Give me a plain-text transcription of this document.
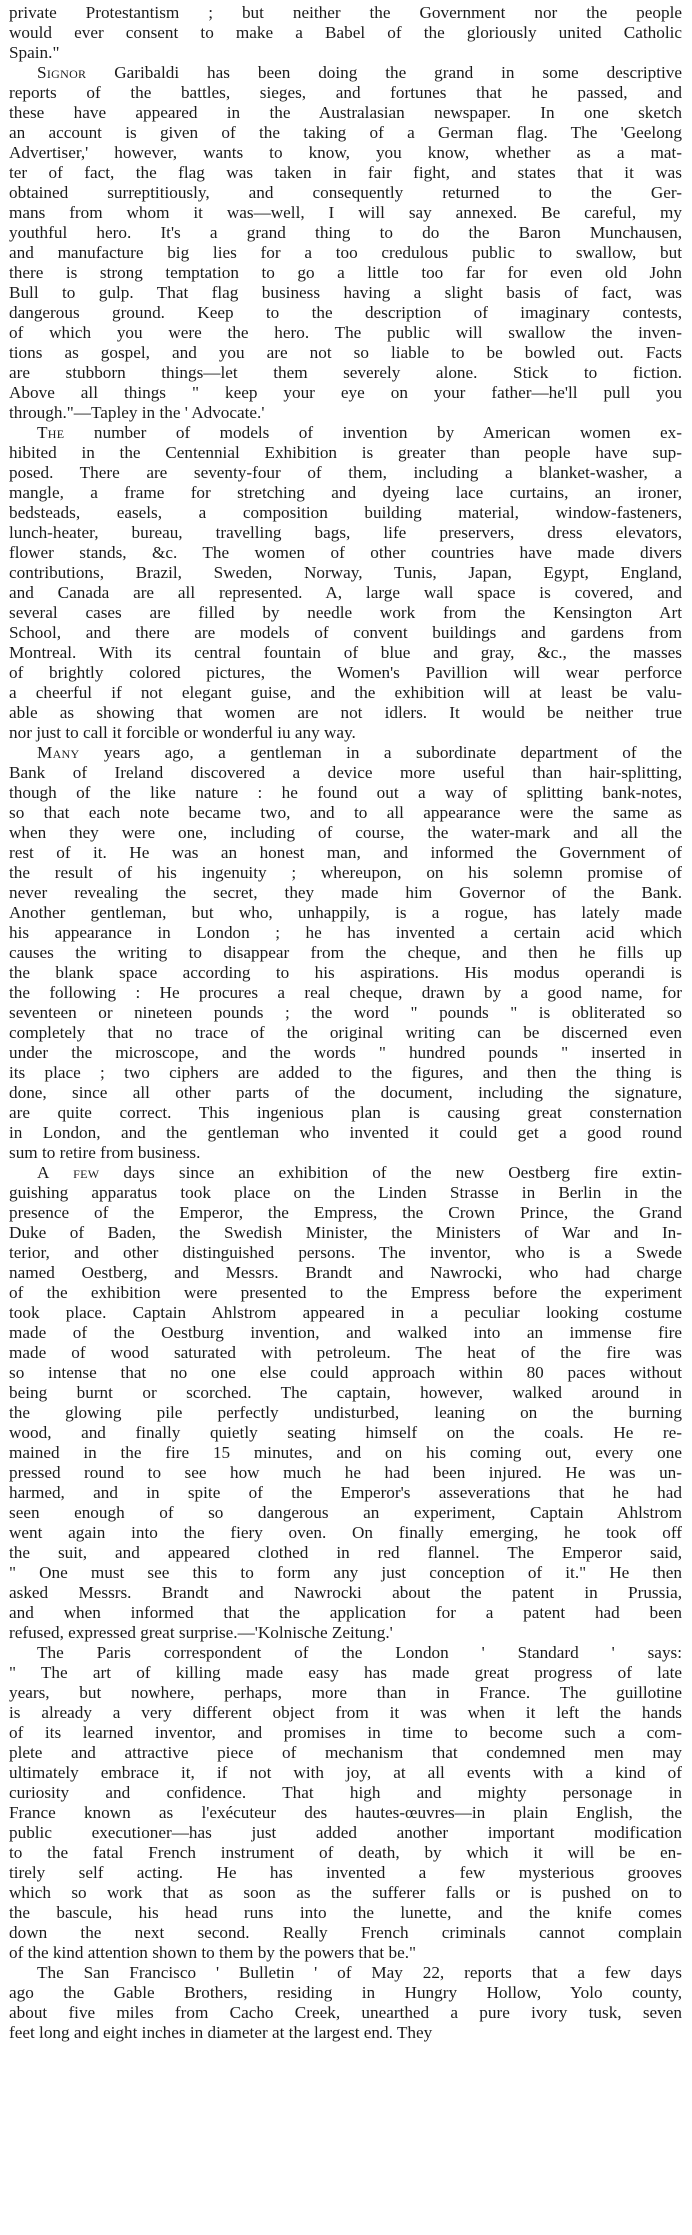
private Protestantism ; but neither the Government nor the people
would ever consent to make a Babel of the gloriously united Catholic
Spain."
Signor Garibaldi has been doing the grand in some descriptive
reports of the battles, sieges, and fortunes that he passed, and
these have appeared in the Australasian newspaper. In one sketch
an account is given of the taking of a German flag. The 'Geelong
Advertiser,' however, wants to know, you know, whether as a mat-
ter of fact, the flag was taken in fair fight, and states that it was
obtained surreptitiously, and consequently returned to the Ger-
mans from whom it was—well, I will say annexed. Be careful, my
youthful hero. It's a grand thing to do the Baron Munchausen,
and manufacture big lies for a too credulous public to swallow, but
there is strong temptation to go a little too far for even old John
Bull to gulp. That flag business having a slight basis of fact, was
dangerous ground. Keep to the description of imaginary contests,
of which you were the hero. The public will swallow the inven-
tions as gospel, and you are not so liable to be bowled out. Facts
are stubborn things—let them severely alone. Stick to fiction.
Above all things " keep your eye on your father—he'll pull you
through."—Tapley in the ' Advocate.'
The number of models of invention by American women ex-
hibited in the Centennial Exhibition is greater than people have sup-
posed. There are seventy-four of them, including a blanket-washer, a
mangle, a frame for stretching and dyeing lace curtains, an ironer,
bedsteads, easels, a composition building material, window-fasteners,
lunch-heater, bureau, travelling bags, life preservers, dress elevators,
flower stands, &c. The women of other countries have made divers
contributions, Brazil, Sweden, Norway, Tunis, Japan, Egypt, England,
and Canada are all represented. A, large wall space is covered, and
several cases are filled by needle work from the Kensington Art
School, and there are models of convent buildings and gardens from
Montreal. With its central fountain of blue and gray, &c., the masses
of brightly colored pictures, the Women's Pavillion will wear perforce
a cheerful if not elegant guise, and the exhibition will at least be valu-
able as showing that women are not idlers. It would be neither true
nor just to call it forcible or wonderful iu any way.
Many years ago, a gentleman in a subordinate department of the
Bank of Ireland discovered a device more useful than hair-splitting,
though of the like nature : he found out a way of splitting bank-notes,
so that each note became two, and to all appearance were the same as
when they were one, including of course, the water-mark and all the
rest of it. He was an honest man, and informed the Government of
the result of his ingenuity ; whereupon, on his solemn promise of
never revealing the secret, they made him Governor of the Bank.
Another gentleman, but who, unhappily, is a rogue, has lately made
his appearance in London ; he has invented a certain acid which
causes the writing to disappear from the cheque, and then he fills up
the blank space according to his aspirations. His modus operandi is
the following : He procures a real cheque, drawn by a good name, for
seventeen or nineteen pounds ; the word " pounds " is obliterated so
completely that no trace of the original writing can be discerned even
under the microscope, and the words " hundred pounds " inserted in
its place ; two ciphers are added to the figures, and then the thing is
done, since all other parts of the document, including the signature,
are quite correct. This ingenious plan is causing great consternation
in London, and the gentleman who invented it could get a good round
sum to retire from business.
A few days since an exhibition of the new Oestberg fire extin-
guishing apparatus took place on the Linden Strasse in Berlin in the
presence of the Emperor, the Empress, the Crown Prince, the Grand
Duke of Baden, the Swedish Minister, the Ministers of War and In-
terior, and other distinguished persons. The inventor, who is a Swede
named Oestberg, and Messrs. Brandt and Nawrocki, who had charge
of the exhibition were presented to the Empress before the experiment
took place. Captain Ahlstrom appeared in a peculiar looking costume
made of the Oestburg invention, and walked into an immense fire
made of wood saturated with petroleum. The heat of the fire was
so intense that no one else could approach within 80 paces without
being burnt or scorched. The captain, however, walked around in
the glowing pile perfectly undisturbed, leaning on the burning
wood, and finally quietly seating himself on the coals. He re-
mained in the fire 15 minutes, and on his coming out, every one
pressed round to see how much he had been injured. He was un-
harmed, and in spite of the Emperor's asseverations that he had
seen enough of so dangerous an experiment, Captain Ahlstrom
went again into the fiery oven. On finally emerging, he took off
the suit, and appeared clothed in red flannel. The Emperor said,
" One must see this to form any just conception of it." He then
asked Messrs. Brandt and Nawrocki about the patent in Prussia,
and when informed that the application for a patent had been
refused, expressed great surprise.—'Kolnische Zeitung.'
The Paris correspondent of the London ' Standard ' says:
" The art of killing made easy has made great progress of late
years, but nowhere, perhaps, more than in France. The guillotine
is already a very different object from it was when it left the hands
of its learned inventor, and promises in time to become such a com-
plete and attractive piece of mechanism that condemned men may
ultimately embrace it, if not with joy, at all events with a kind of
curiosity and confidence. That high and mighty personage in
France known as l'exécuteur des hautes-œuvres—in plain English, the
public executioner—has just added another important modification
to the fatal French instrument of death, by which it will be en-
tirely self acting. He has invented a few mysterious grooves
which so work that as soon as the sufferer falls or is pushed on to
the bascule, his head runs into the lunette, and the knife comes
down the next second. Really French criminals cannot complain
of the kind attention shown to them by the powers that be."
The San Francisco ' Bulletin ' of May 22, reports that a few days
ago the Gable Brothers, residing in Hungry Hollow, Yolo county,
about five miles from Cacho Creek, unearthed a pure ivory tusk, seven
feet long and eight inches in diameter at the largest end. They
